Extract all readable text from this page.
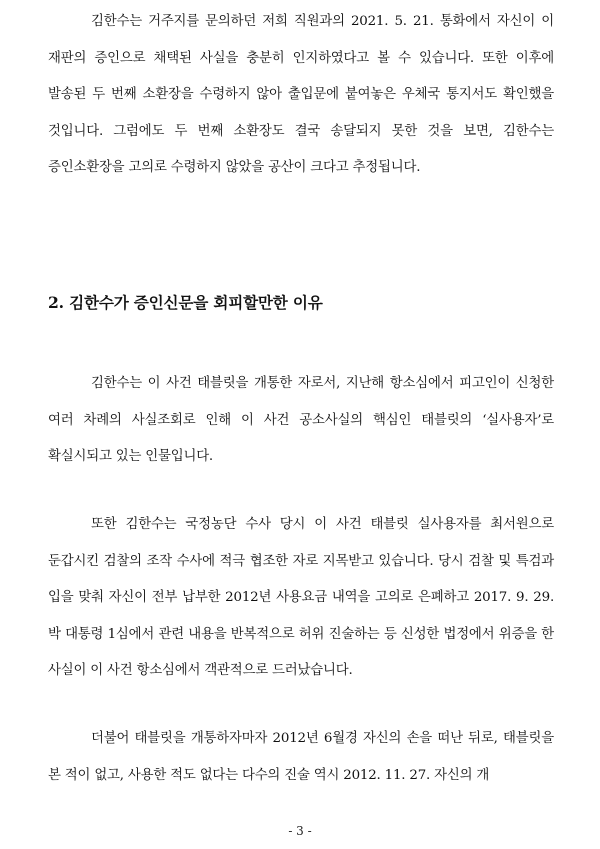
김한수는 거주지를 문의하던 저희 직원과의 2021. 5. 21. 통화에서 자신이 이 재판의 증인으로 채택된 사실을 충분히 인지하였다고 볼 수 있습니다. 또한 이후에 발송된 두 번째 소환장을 수령하지 않아 출입문에 붙여놓은 우체국 통지서도 확인했을 것입니다. 그럼에도 두 번째 소환장도 결국 송달되지 못한 것을 보면, 김한수는 증인소환장을 고의로 수령하지 않았을 공산이 크다고 추정됩니다.

2. 김한수가 증인신문을 회피할만한 이유

김한수는 이 사건 태블릿을 개통한 자로서, 지난해 항소심에서 피고인이 신청한 여러 차례의 사실조회로 인해 이 사건 공소사실의 핵심인 태블릿의 ‘실사용자’로 확실시되고 있는 인물입니다.

또한 김한수는 국정농단 수사 당시 이 사건 태블릿 실사용자를 최서원으로 둔갑시킨 검찰의 조작 수사에 적극 협조한 자로 지목받고 있습니다. 당시 검찰 및 특검과 입을 맞춰 자신이 전부 납부한 2012년 사용요금 내역을 고의로 은폐하고 2017. 9. 29. 박 대통령 1심에서 관련 내용을 반복적으로 허위 진술하는 등 신성한 법정에서 위증을 한 사실이 이 사건 항소심에서 객관적으로 드러났습니다.

더불어 태블릿을 개통하자마자 2012년 6월경 자신의 손을 떠난 뒤로, 태블릿을 본 적이 없고, 사용한 적도 없다는 다수의 진술 역시 2012. 11. 27. 자신의 개

- 3 -
